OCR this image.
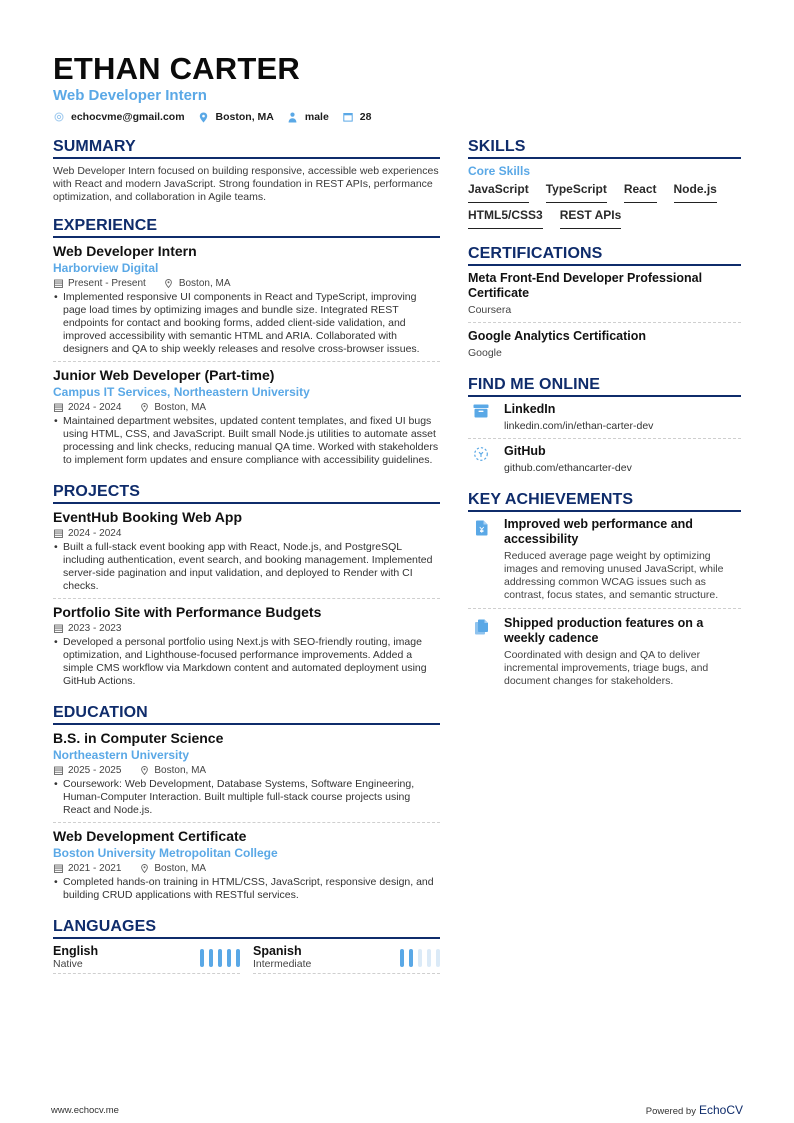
ETHAN CARTER
Web Developer Intern
echocvme@gmail.com	Boston, MA	male	28
SUMMARY
Web Developer Intern focused on building responsive, accessible web experiences with React and modern JavaScript. Strong foundation in REST APIs, performance optimization, and collaboration in Agile teams.
EXPERIENCE
Web Developer Intern
Harborview Digital
Present - Present	Boston, MA
• Implemented responsive UI components in React and TypeScript, improving page load times by optimizing images and bundle size. Integrated REST endpoints for contact and booking forms, added client-side validation, and improved accessibility with semantic HTML and ARIA. Collaborated with designers and QA to ship weekly releases and resolve cross-browser issues.
Junior Web Developer (Part-time)
Campus IT Services, Northeastern University
2024 - 2024	Boston, MA
• Maintained department websites, updated content templates, and fixed UI bugs using HTML, CSS, and JavaScript. Built small Node.js utilities to automate asset processing and link checks, reducing manual QA time. Worked with stakeholders to implement form updates and ensure compliance with accessibility guidelines.
PROJECTS
EventHub Booking Web App
2024 - 2024
• Built a full-stack event booking app with React, Node.js, and PostgreSQL including authentication, event search, and booking management. Implemented server-side pagination and input validation, and deployed to Render with CI checks.
Portfolio Site with Performance Budgets
2023 - 2023
• Developed a personal portfolio using Next.js with SEO-friendly routing, image optimization, and Lighthouse-focused performance improvements. Added a simple CMS workflow via Markdown content and automated deployment using GitHub Actions.
EDUCATION
B.S. in Computer Science
Northeastern University
2025 - 2025	Boston, MA
• Coursework: Web Development, Database Systems, Software Engineering, Human-Computer Interaction. Built multiple full-stack course projects using React and Node.js.
Web Development Certificate
Boston University Metropolitan College
2021 - 2021	Boston, MA
• Completed hands-on training in HTML/CSS, JavaScript, responsive design, and building CRUD applications with RESTful services.
LANGUAGES
English
Native
Spanish
Intermediate
SKILLS
Core Skills
JavaScript TypeScript React Node.js
HTML5/CSS3 REST APIs
CERTIFICATIONS
Meta Front-End Developer Professional Certificate
Coursera
Google Analytics Certification
Google
FIND ME ONLINE
LinkedIn
linkedin.com/in/ethan-carter-dev
GitHub
github.com/ethancarter-dev
KEY ACHIEVEMENTS
Improved web performance and accessibility
Reduced average page weight by optimizing images and removing unused JavaScript, while addressing common WCAG issues such as contrast, focus states, and semantic structure.
Shipped production features on a weekly cadence
Coordinated with design and QA to deliver incremental improvements, triage bugs, and document changes for stakeholders.
www.echocv.me	Powered by EchoCV
